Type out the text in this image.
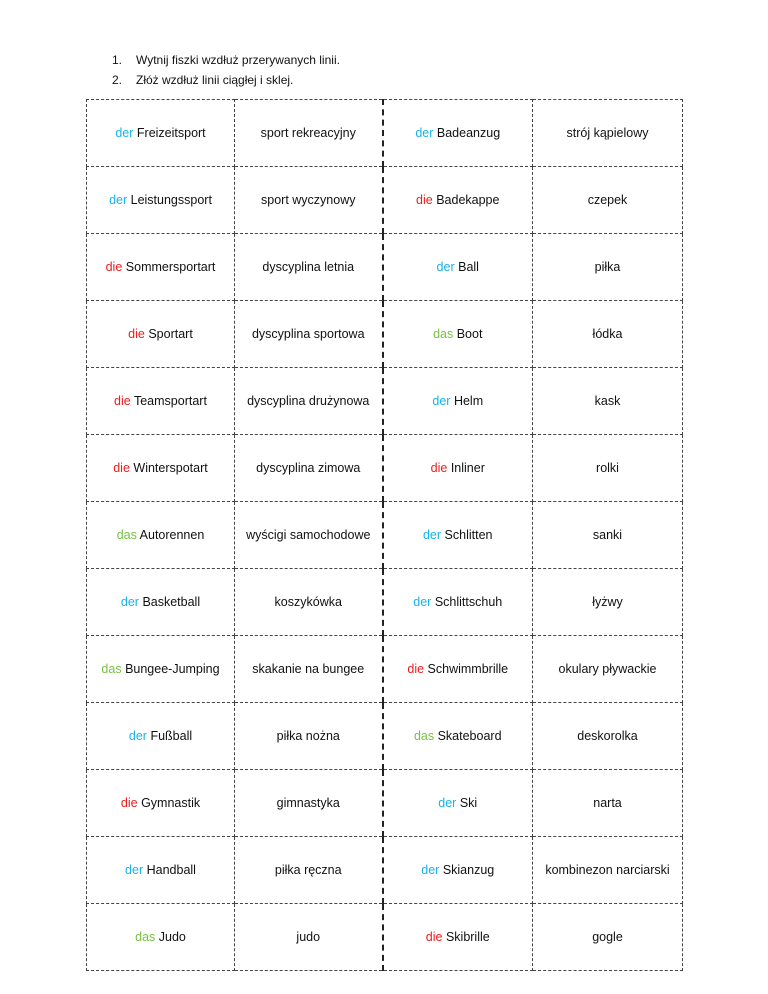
1. Wytnij fiszki wzdłuż przerywanych linii.
2. Złóż wzdłuż linii ciągłej i sklej.
der Freizeitsport	sport rekreacyjny	der Badeanzug	strój kąpielowy
der Leistungssport	sport wyczynowy	die Badekappe	czepek
die Sommersportart	dyscyplina letnia	der Ball	piłka
die Sportart	dyscyplina sportowa	das Boot	łódka
die Teamsportart	dyscyplina drużynowa	der Helm	kask
die Winterspotart	dyscyplina zimowa	die Inliner	rolki
das Autorennen	wyścigi samochodowe	der Schlitten	sanki
der Basketball	koszykówka	der Schlittschuh	łyżwy
das Bungee-Jumping	skakanie na bungee	die Schwimmbrille	okulary pływackie
der Fußball	piłka nożna	das Skateboard	deskorolka
die Gymnastik	gimnastyka	der Ski	narta
der Handball	piłka ręczna	der Skianzug	kombinezon narciarski
das Judo	judo	die Skibrille	gogle
